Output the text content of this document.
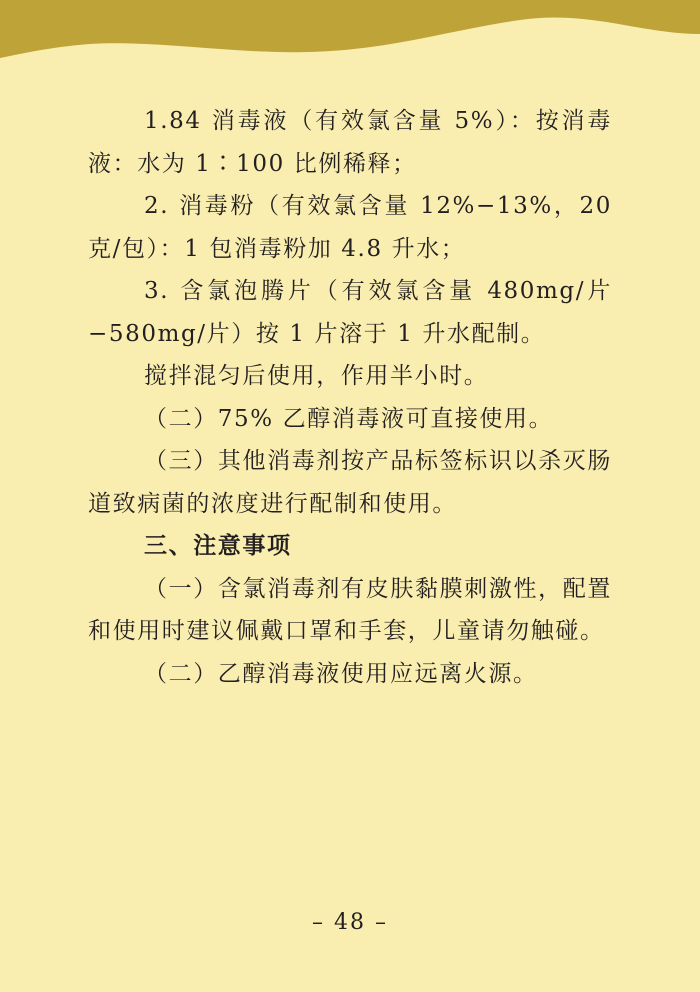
1.84 消毒液（有效氯含量 5%）：按消毒液：水为 1∶100 比例稀释；

2. 消毒粉（有效氯含量 12%−13%，20 克/包）：1 包消毒粉加 4.8 升水；

3. 含氯泡腾片（有效氯含量 480mg/片−580mg/片）按 1 片溶于 1 升水配制。

搅拌混匀后使用，作用半小时。

（二）75% 乙醇消毒液可直接使用。

（三）其他消毒剂按产品标签标识以杀灭肠道致病菌的浓度进行配制和使用。

三、注意事项

（一）含氯消毒剂有皮肤黏膜刺激性，配置和使用时建议佩戴口罩和手套，儿童请勿触碰。

（二）乙醇消毒液使用应远离火源。

– 48 –
